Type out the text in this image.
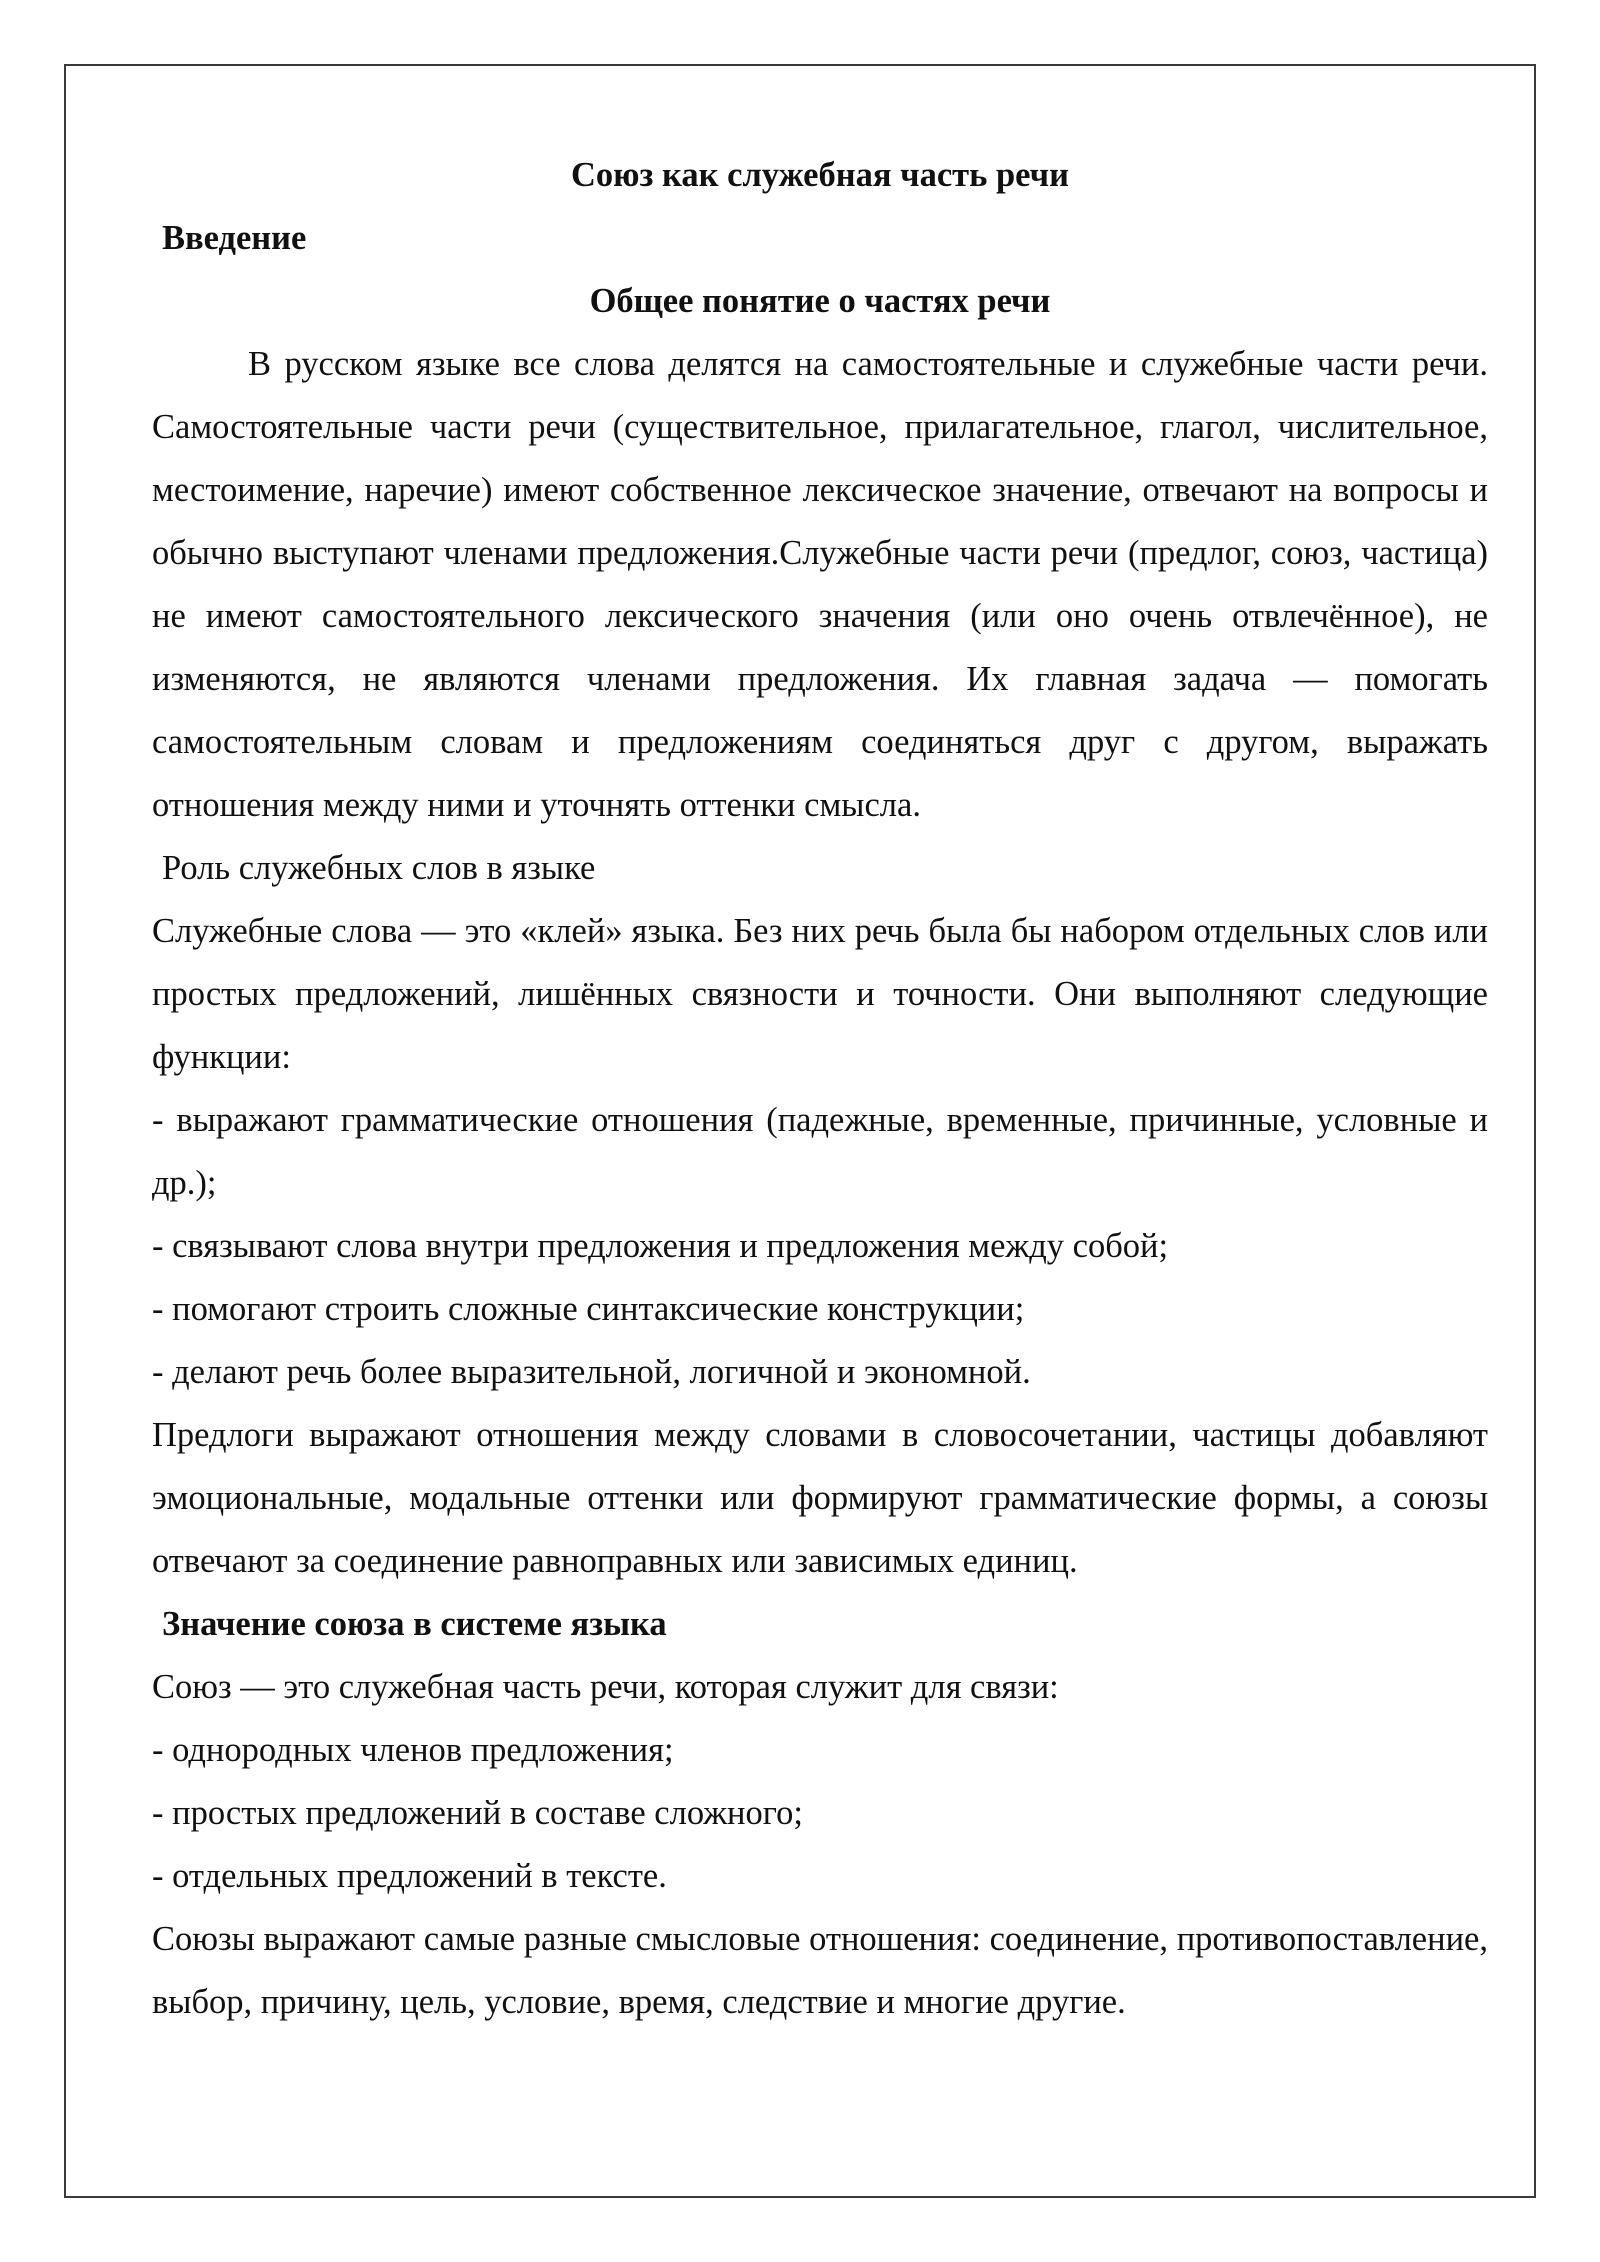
Союз как служебная часть речи

Введение

Общее понятие о частях речи

В русском языке все слова делятся на самостоятельные и служебные части речи. Самостоятельные части речи (существительное, прилагательное, глагол, числительное, местоимение, наречие) имеют собственное лексическое значение, отвечают на вопросы и обычно выступают членами предложения.Служебные части речи (предлог, союз, частица) не имеют самостоятельного лексического значения (или оно очень отвлечённое), не изменяются, не являются членами предложения. Их главная задача — помогать самостоятельным словам и предложениям соединяться друг с другом, выражать отношения между ними и уточнять оттенки смысла.

Роль служебных слов в языке

Служебные слова — это «клей» языка. Без них речь была бы набором отдельных слов или простых предложений, лишённых связности и точности. Они выполняют следующие функции:

- выражают грамматические отношения (падежные, временные, причинные, условные и др.);

- связывают слова внутри предложения и предложения между собой;

- помогают строить сложные синтаксические конструкции;

- делают речь более выразительной, логичной и экономной.

Предлоги выражают отношения между словами в словосочетании, частицы добавляют эмоциональные, модальные оттенки или формируют грамматические формы, а союзы отвечают за соединение равноправных или зависимых единиц.

Значение союза в системе языка

Союз — это служебная часть речи, которая служит для связи:

- однородных членов предложения;

- простых предложений в составе сложного;

- отдельных предложений в тексте.

Союзы выражают самые разные смысловые отношения: соединение, противопоставление, выбор, причину, цель, условие, время, следствие и многие другие.
